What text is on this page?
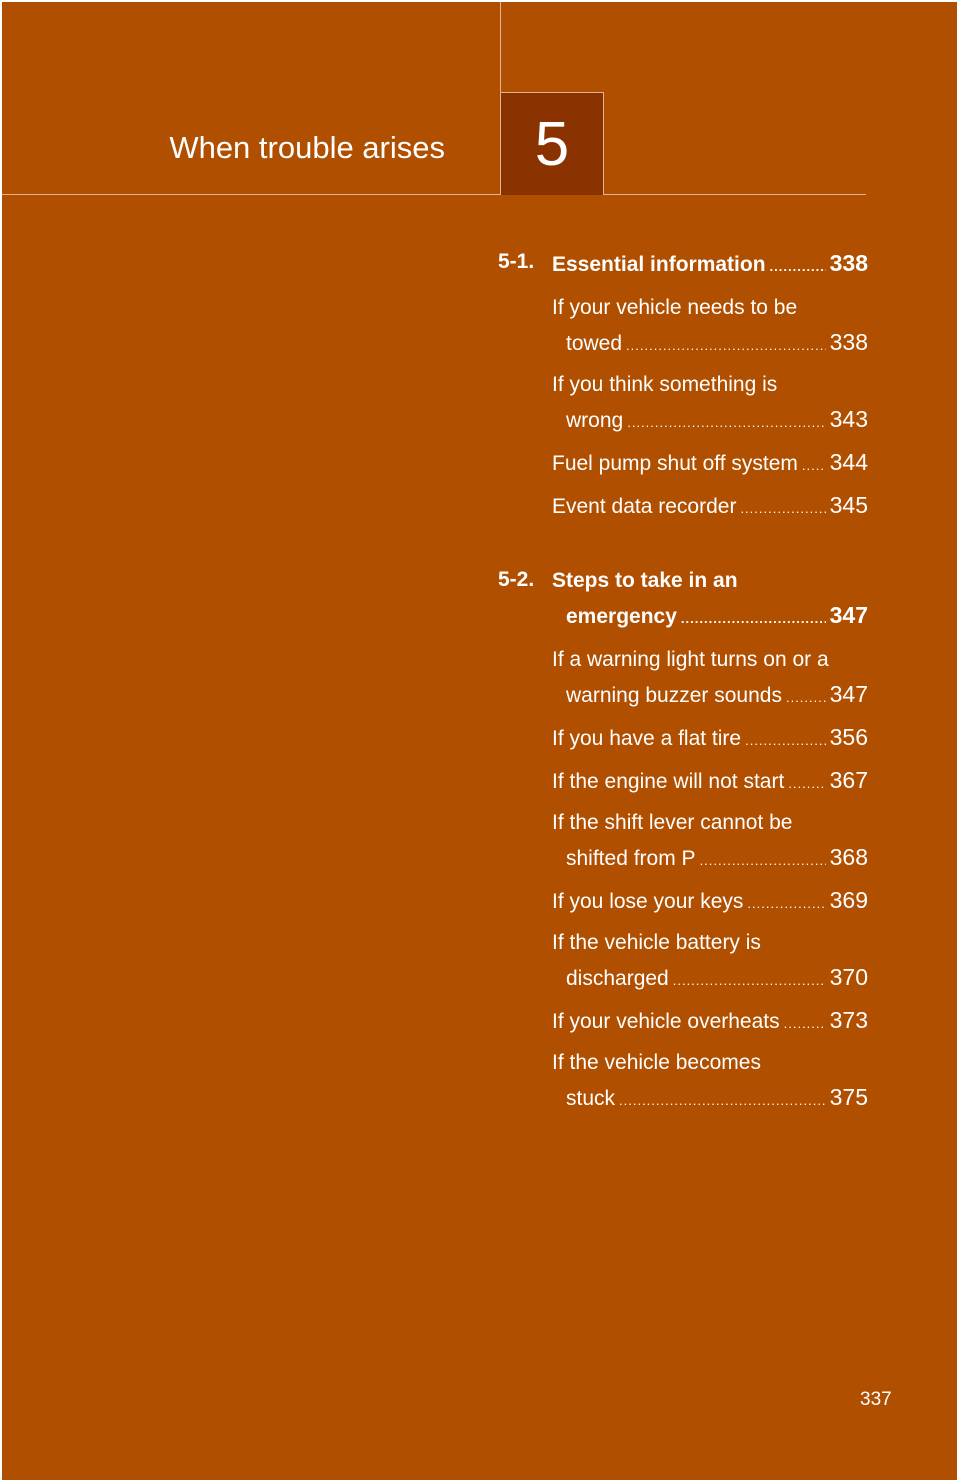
When trouble arises 5
5-1. Essential information .....	338
If your vehicle needs to be
towed .....	338
If you think something is
wrong .....	343
Fuel pump shut off system ..... 344
Event data recorder .....	345
5-2. Steps to take in an
emergency .....	347
If a warning light turns on or a
warning buzzer sounds ..... 347
If you have a flat tire .....	356
If the engine will not start ..... 367
If the shift lever cannot be
shifted from P .....	368
If you lose your keys .....	369
If the vehicle battery is
discharged .....	370
If your vehicle overheats ..... 373
If the vehicle becomes
stuck .....	375
337
